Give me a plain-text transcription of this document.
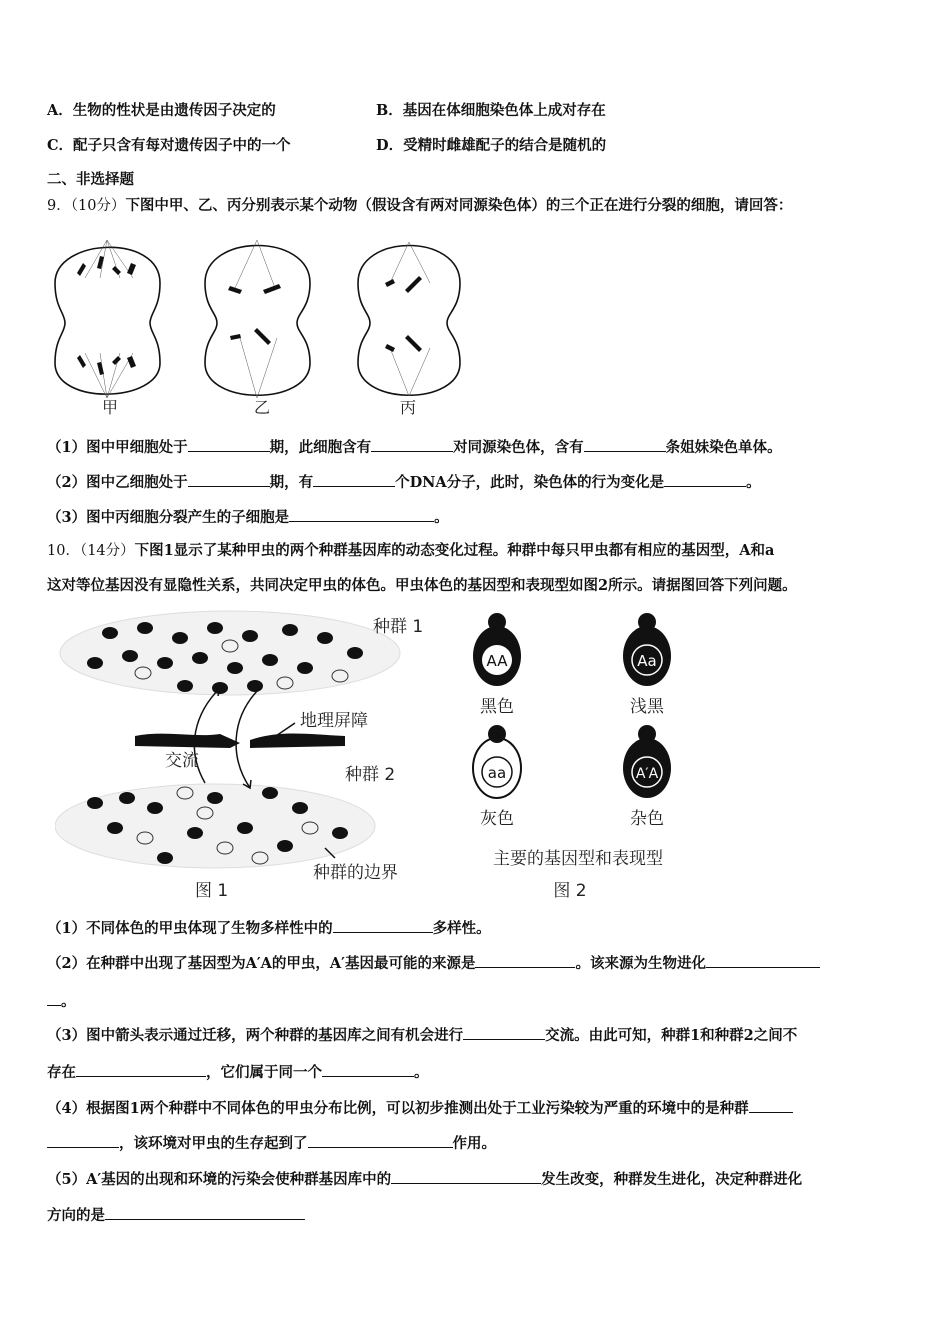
A．生物的性状是由遗传因子决定的	B．基因在体细胞染色体上成对存在
C．配子只含有每对遗传因子中的一个	D．受精时雌雄配子的结合是随机的
二、非选择题
9．（10分）下图中甲、乙、丙分别表示某个动物（假设含有两对同源染色体）的三个正在进行分裂的细胞，请回答：
甲	乙	丙
（1）图中甲细胞处于	期，此细胞含有	对同源染色体，含有	条姐妹染色单体。
（2）图中乙细胞处于	期，有	个DNA分子，此时，染色体的行为变化是	。
（3）图中丙细胞分裂产生的子细胞是	。
10．（14分）下图1显示了某种甲虫的两个种群基因库的动态变化过程。种群中每只甲虫都有相应的基因型，A和a
这对等位基因没有显隐性关系，共同决定甲虫的体色。甲虫体色的基因型和表现型如图2所示。请据图回答下列问题。
种群 1
地理屏障
交流
种群 2
种群的边界
图 1
AA	Aa
aa	A′A
黑色	浅黑
灰色	杂色
主要的基因型和表现型
图 2
（1）不同体色的甲虫体现了生物多样性中的	多样性。
（2）在种群中出现了基因型为A′A的甲虫，A′基因最可能的来源是	。该来源为生物进化
。
（3）图中箭头表示通过迁移，两个种群的基因库之间有机会进行	交流。由此可知，种群1和种群2之间不
存在	，它们属于同一个	。
（4）根据图1两个种群中不同体色的甲虫分布比例，可以初步推测出处于工业污染较为严重的环境中的是种群
，该环境对甲虫的生存起到了	作用。
（5）A′基因的出现和环境的污染会使种群基因库中的	发生改变，种群发生进化，决定种群进化
方向的是
